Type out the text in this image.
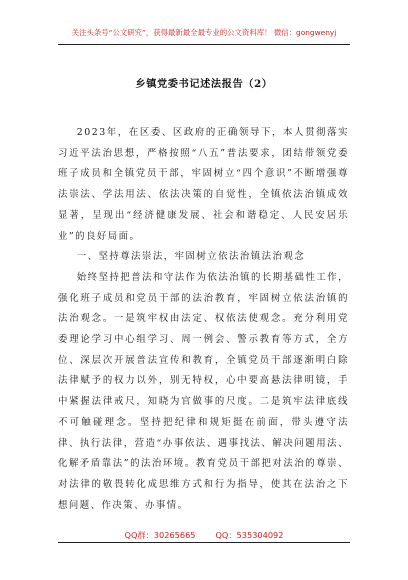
关注头条号“公文研究”，获得最新最全最专业的公文资料库！ 微信：gongwenyj
乡镇党委书记述法报告（2）

2023年，在区委、区政府的正确领导下，本人贯彻落实习近平法治思想，严格按照“八五”普法要求，团结带领党委班子成员和全镇党员干部，牢固树立“四个意识”不断增强尊法崇法、学法用法、依法决策的自觉性，全镇依法治镇成效显著，呈现出“经济健康发展、社会和谐稳定、人民安居乐业”的良好局面。

一、坚持尊法崇法，牢固树立依法治镇法治观念

始终坚持把普法和守法作为依法治镇的长期基础性工作，强化班子成员和党员干部的法治教育，牢固树立依法治镇的法治观念。一是筑牢权由法定、权依法使观念。充分利用党委理论学习中心组学习、周一例会、警示教育等方式，全方位、深层次开展普法宣传和教育，全镇党员干部逐渐明白除法律赋予的权力以外，别无特权，心中要高悬法律明镜，手中紧握法律戒尺，知晓为官做事的尺度。二是筑牢法律底线不可触碰理念。坚持把纪律和规矩挺在前面，带头遵守法律、执行法律，营造“办事依法、遇事找法、解决问题用法、化解矛盾靠法”的法治环境。教育党员干部把对法治的尊崇、对法律的敬畏转化成思维方式和行为指导，使其在法治之下想问题、作决策、办事情。

QQ群：30265665 QQ：535304092
